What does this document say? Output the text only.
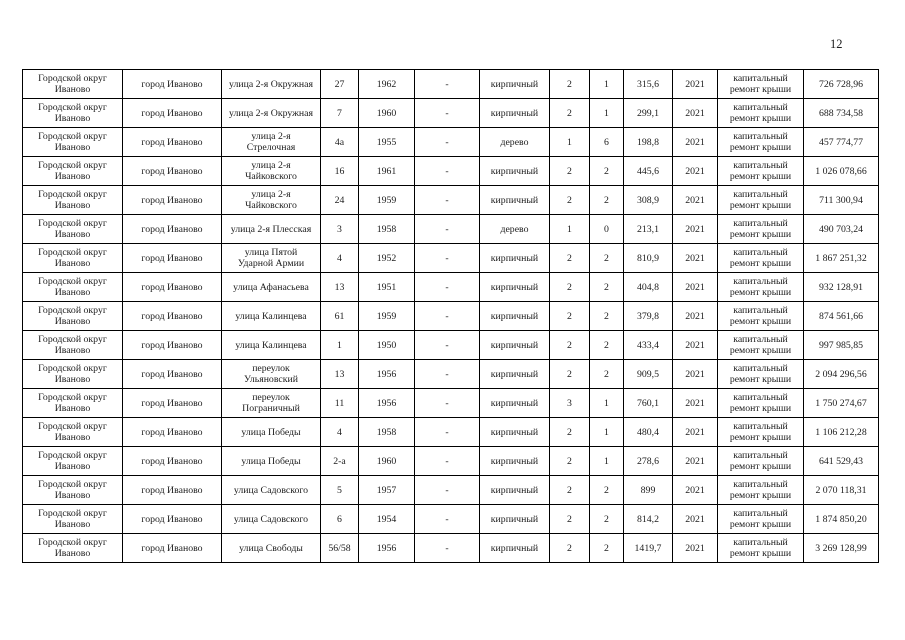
12
Городской округ Иваново	город Иваново	улица 2-я Окружная	27	1962	-	кирпичный	2	1	315,6	2021	капитальный ремонт крыши	726 728,96
Городской округ Иваново	город Иваново	улица 2-я Окружная	7	1960	-	кирпичный	2	1	299,1	2021	капитальный ремонт крыши	688 734,58
Городской округ Иваново	город Иваново	улица 2-я Стрелочная	4а	1955	-	дерево	1	6	198,8	2021	капитальный ремонт крыши	457 774,77
Городской округ Иваново	город Иваново	улица 2-я Чайковского	16	1961	-	кирпичный	2	2	445,6	2021	капитальный ремонт крыши	1 026 078,66
Городской округ Иваново	город Иваново	улица 2-я Чайковского	24	1959	-	кирпичный	2	2	308,9	2021	капитальный ремонт крыши	711 300,94
Городской округ Иваново	город Иваново	улица 2-я Плесская	3	1958	-	дерево	1	0	213,1	2021	капитальный ремонт крыши	490 703,24
Городской округ Иваново	город Иваново	улица Пятой Ударной Армии	4	1952	-	кирпичный	2	2	810,9	2021	капитальный ремонт крыши	1 867 251,32
Городской округ Иваново	город Иваново	улица Афанасьева	13	1951	-	кирпичный	2	2	404,8	2021	капитальный ремонт крыши	932 128,91
Городской округ Иваново	город Иваново	улица Калинцева	61	1959	-	кирпичный	2	2	379,8	2021	капитальный ремонт крыши	874 561,66
Городской округ Иваново	город Иваново	улица Калинцева	1	1950	-	кирпичный	2	2	433,4	2021	капитальный ремонт крыши	997 985,85
Городской округ Иваново	город Иваново	переулок Ульяновский	13	1956	-	кирпичный	2	2	909,5	2021	капитальный ремонт крыши	2 094 296,56
Городской округ Иваново	город Иваново	переулок Пограничный	11	1956	-	кирпичный	3	1	760,1	2021	капитальный ремонт крыши	1 750 274,67
Городской округ Иваново	город Иваново	улица Победы	4	1958	-	кирпичный	2	1	480,4	2021	капитальный ремонт крыши	1 106 212,28
Городской округ Иваново	город Иваново	улица Победы	2-а	1960	-	кирпичный	2	1	278,6	2021	капитальный ремонт крыши	641 529,43
Городской округ Иваново	город Иваново	улица Садовского	5	1957	-	кирпичный	2	2	899	2021	капитальный ремонт крыши	2 070 118,31
Городской округ Иваново	город Иваново	улица Садовского	6	1954	-	кирпичный	2	2	814,2	2021	капитальный ремонт крыши	1 874 850,20
Городской округ Иваново	город Иваново	улица Свободы	56/58	1956	-	кирпичный	2	2	1419,7	2021	капитальный ремонт крыши	3 269 128,99
